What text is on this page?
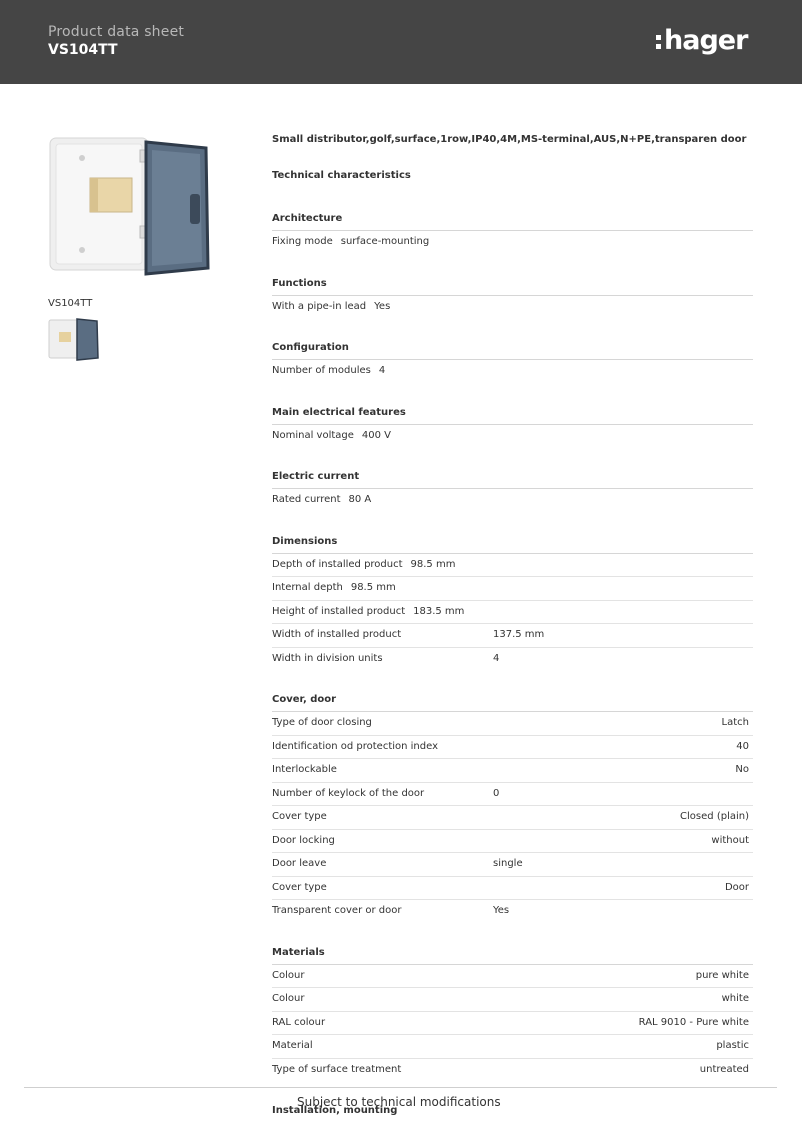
Product data sheet
VS104TT	hager
VS104TT
Small distributor,golf,surface,1row,IP40,4M,MS-terminal,AUS,N+PE,transparen door
Technical characteristics
Architecture
Fixing mode surface-mounting
Functions
With a pipe-in lead Yes
Configuration
Number of modules 4
Main electrical features
Nominal voltage 400 V
Electric current
Rated current 80 A
Dimensions
Depth of installed product 98.5 mm
Internal depth 98.5 mm
Height of installed product 183.5 mm
Width of installed product	137.5 mm
Width in division units	4
Cover, door
Type of door closing	Latch
Identification od protection index	40
Interlockable	No
Number of keylock of the door	0
Cover type	Closed (plain)
Door locking	without
Door leave	single
Cover type	Door
Transparent cover or door	Yes
Materials
Colour	pure white
Colour	white
RAL colour	RAL 9010 - Pure white
Material	plastic
Type of surface treatment	untreated
Installation, mounting
Subject to technical modifications
